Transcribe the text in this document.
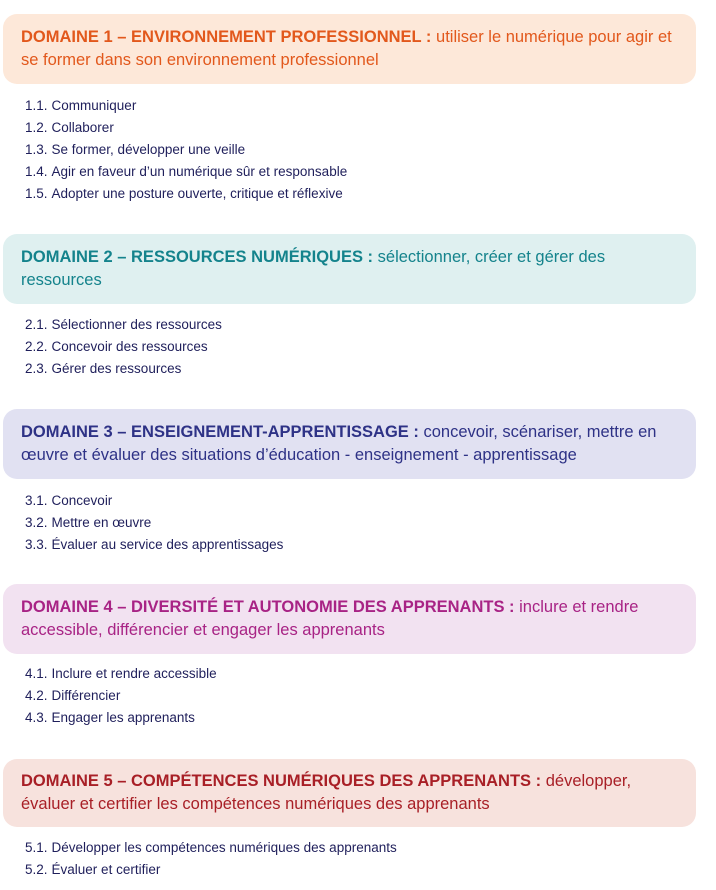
DOMAINE 1 – ENVIRONNEMENT PROFESSIONNEL : utiliser le numérique pour agir et se former dans son environnement professionnel
1.1. Communiquer
1.2. Collaborer
1.3. Se former, développer une veille
1.4. Agir en faveur d’un numérique sûr et responsable
1.5. Adopter une posture ouverte, critique et réflexive
DOMAINE 2 – RESSOURCES NUMÉRIQUES : sélectionner, créer et gérer des ressources
2.1. Sélectionner des ressources
2.2. Concevoir des ressources
2.3. Gérer des ressources
DOMAINE 3 – ENSEIGNEMENT-APPRENTISSAGE : concevoir, scénariser, mettre en œuvre et évaluer des situations d’éducation - enseignement - apprentissage
3.1. Concevoir
3.2. Mettre en œuvre
3.3. Évaluer au service des apprentissages
DOMAINE 4 – DIVERSITÉ ET AUTONOMIE DES APPRENANTS : inclure et rendre accessible, différencier et engager les apprenants
4.1. Inclure et rendre accessible
4.2. Différencier
4.3. Engager les apprenants
DOMAINE 5 – COMPÉTENCES NUMÉRIQUES DES APPRENANTS : développer, évaluer et certifier les compétences numériques des apprenants
5.1. Développer les compétences numériques des apprenants
5.2. Évaluer et certifier
